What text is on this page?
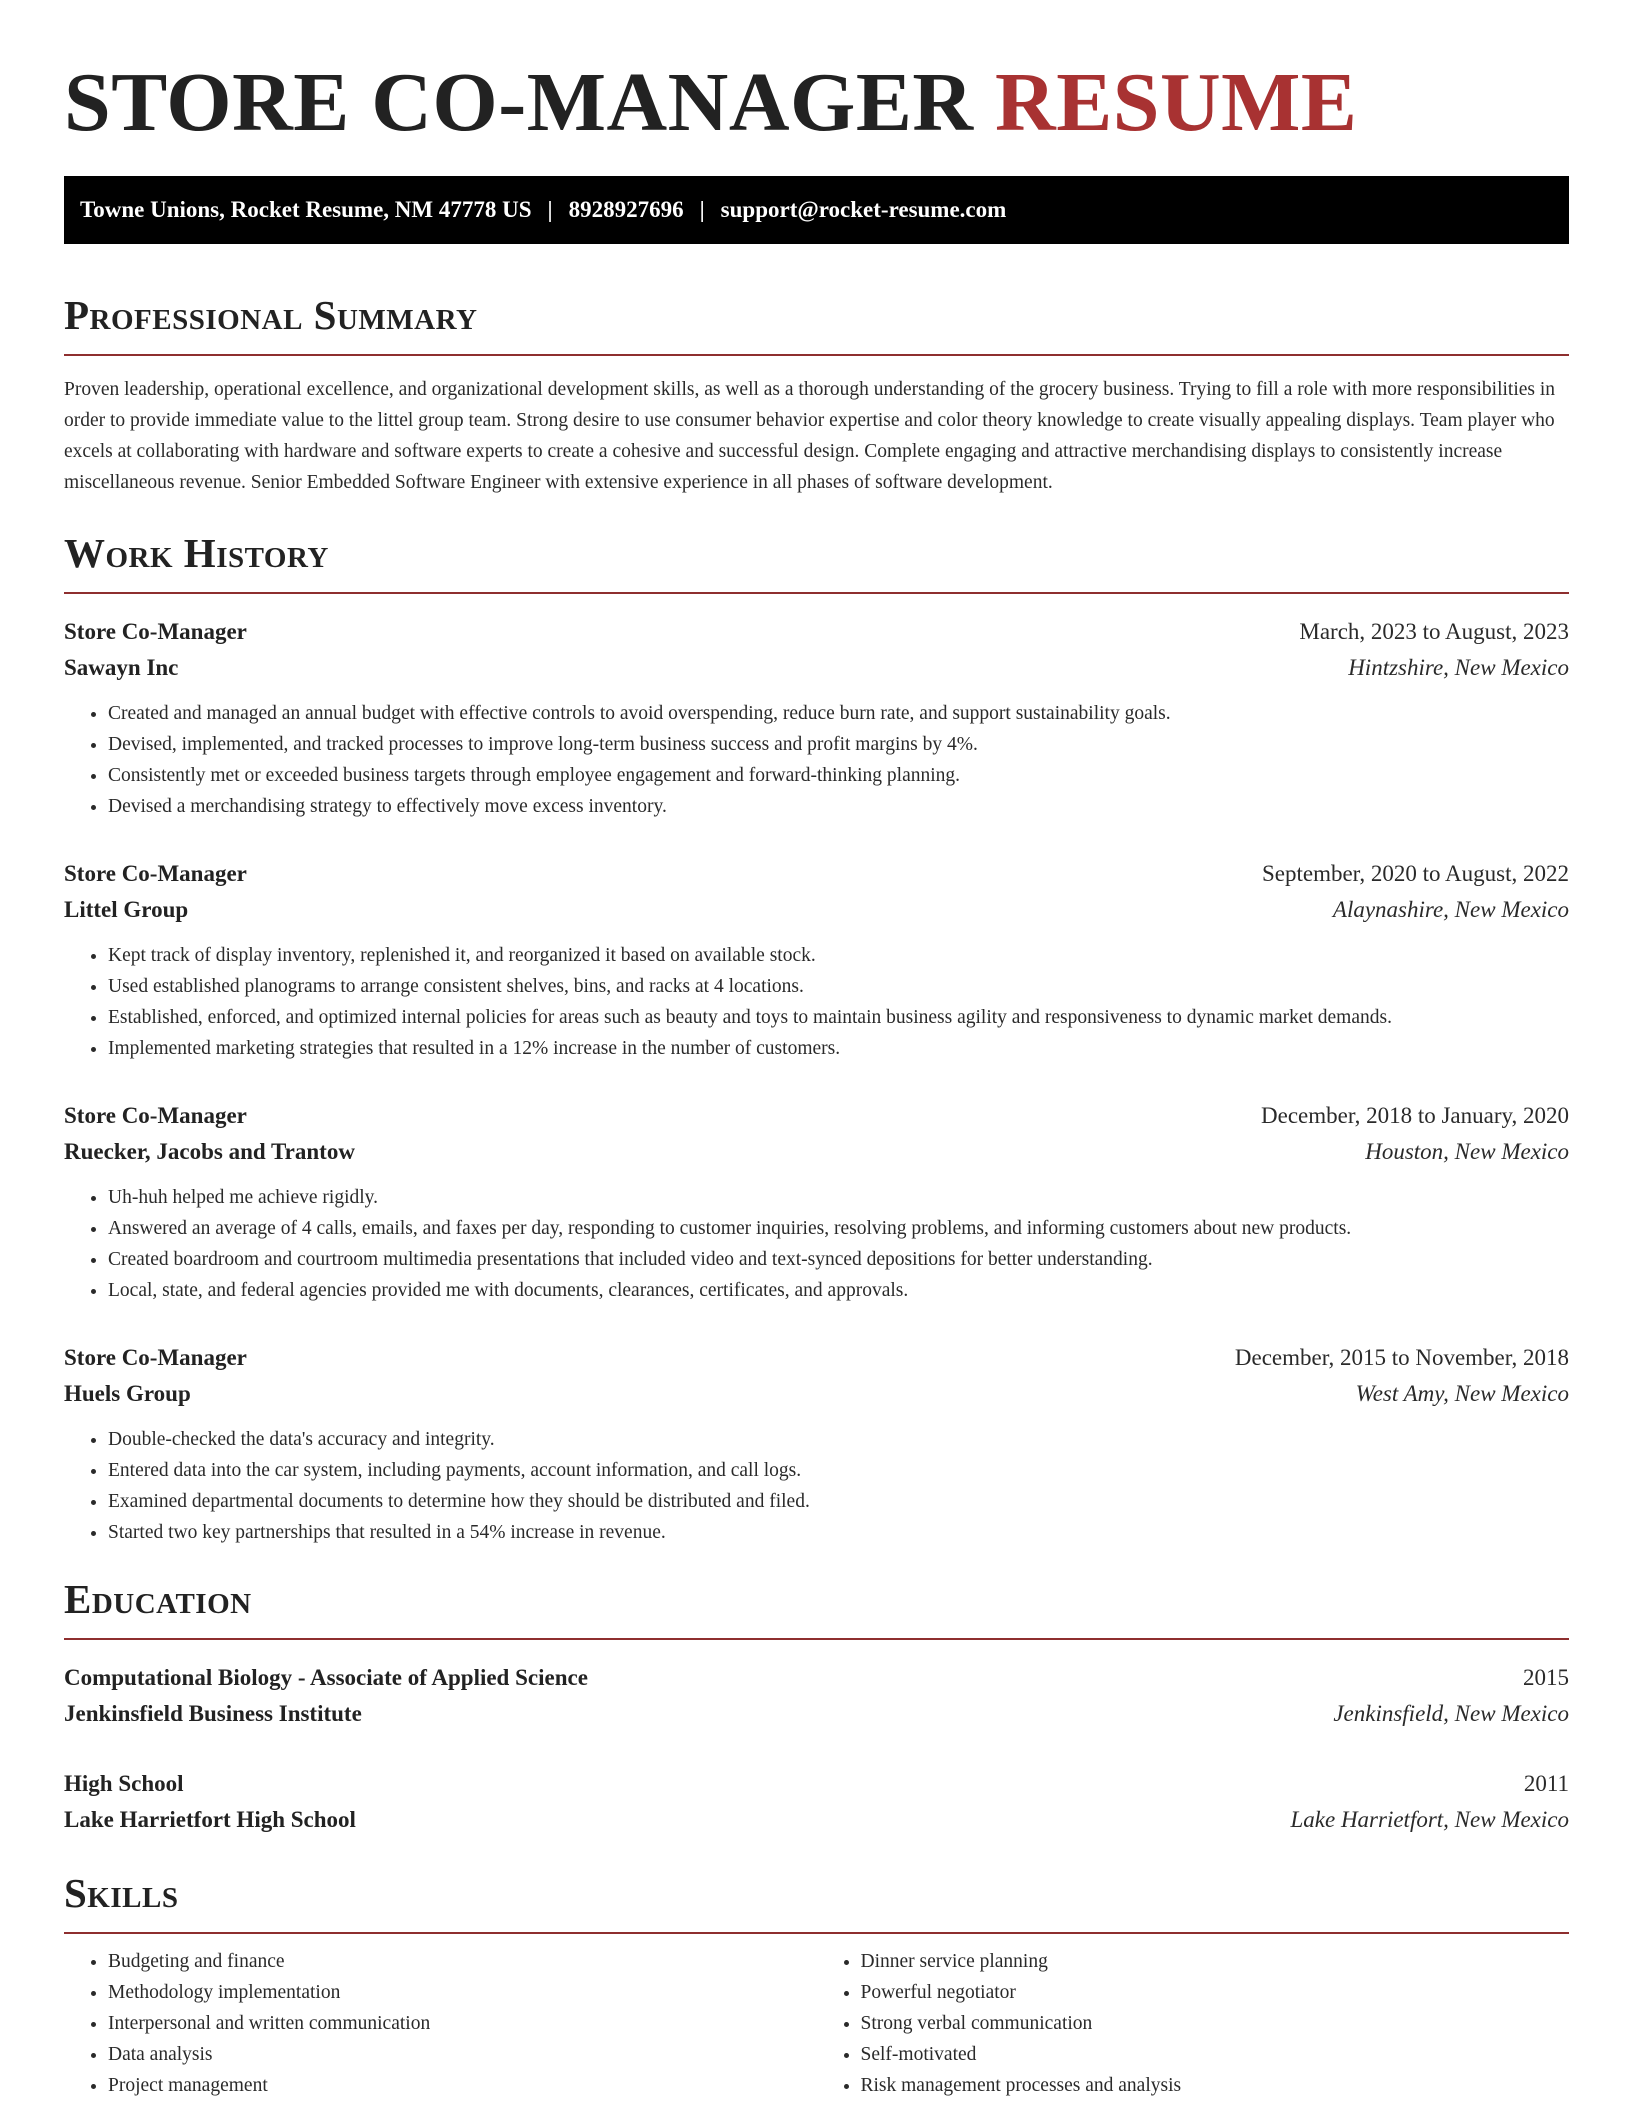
STORE CO-MANAGER RESUME
Towne Unions, Rocket Resume, NM 47778 US | 8928927696 | support@rocket-resume.com
Professional Summary

Proven leadership, operational excellence, and organizational development skills, as well as a thorough understanding of the grocery business. Trying to fill a role with more responsibilities in order to provide immediate value to the littel group team. Strong desire to use consumer behavior expertise and color theory knowledge to create visually appealing displays. Team player who excels at collaborating with hardware and software experts to create a cohesive and successful design. Complete engaging and attractive merchandising displays to consistently increase miscellaneous revenue. Senior Embedded Software Engineer with extensive experience in all phases of software development.

Work History
Store Co-Manager	March, 2023 to August, 2023
Sawayn Inc	Hintzshire, New Mexico
• Created and managed an annual budget with effective controls to avoid overspending, reduce burn rate, and support sustainability goals.
• Devised, implemented, and tracked processes to improve long-term business success and profit margins by 4%.
• Consistently met or exceeded business targets through employee engagement and forward-thinking planning.
• Devised a merchandising strategy to effectively move excess inventory.
Store Co-Manager	September, 2020 to August, 2022
Littel Group	Alaynashire, New Mexico
• Kept track of display inventory, replenished it, and reorganized it based on available stock.
• Used established planograms to arrange consistent shelves, bins, and racks at 4 locations.
• Established, enforced, and optimized internal policies for areas such as beauty and toys to maintain business agility and responsiveness to dynamic market demands.
• Implemented marketing strategies that resulted in a 12% increase in the number of customers.
Store Co-Manager	December, 2018 to January, 2020
Ruecker, Jacobs and Trantow	Houston, New Mexico
• Uh-huh helped me achieve rigidly.
• Answered an average of 4 calls, emails, and faxes per day, responding to customer inquiries, resolving problems, and informing customers about new products.
• Created boardroom and courtroom multimedia presentations that included video and text-synced depositions for better understanding.
• Local, state, and federal agencies provided me with documents, clearances, certificates, and approvals.
Store Co-Manager	December, 2015 to November, 2018
Huels Group	West Amy, New Mexico
• Double-checked the data's accuracy and integrity.
• Entered data into the car system, including payments, account information, and call logs.
• Examined departmental documents to determine how they should be distributed and filed.
• Started two key partnerships that resulted in a 54% increase in revenue.
Education
Computational Biology - Associate of Applied Science	2015
Jenkinsfield Business Institute	Jenkinsfield, New Mexico
High School	2011
Lake Harrietfort High School	Lake Harrietfort, New Mexico
Skills
• Budgeting and finance
• Methodology implementation
• Interpersonal and written communication
• Data analysis
• Project management
• Dinner service planning
• Powerful negotiator
• Strong verbal communication
• Self-motivated
• Risk management processes and analysis
